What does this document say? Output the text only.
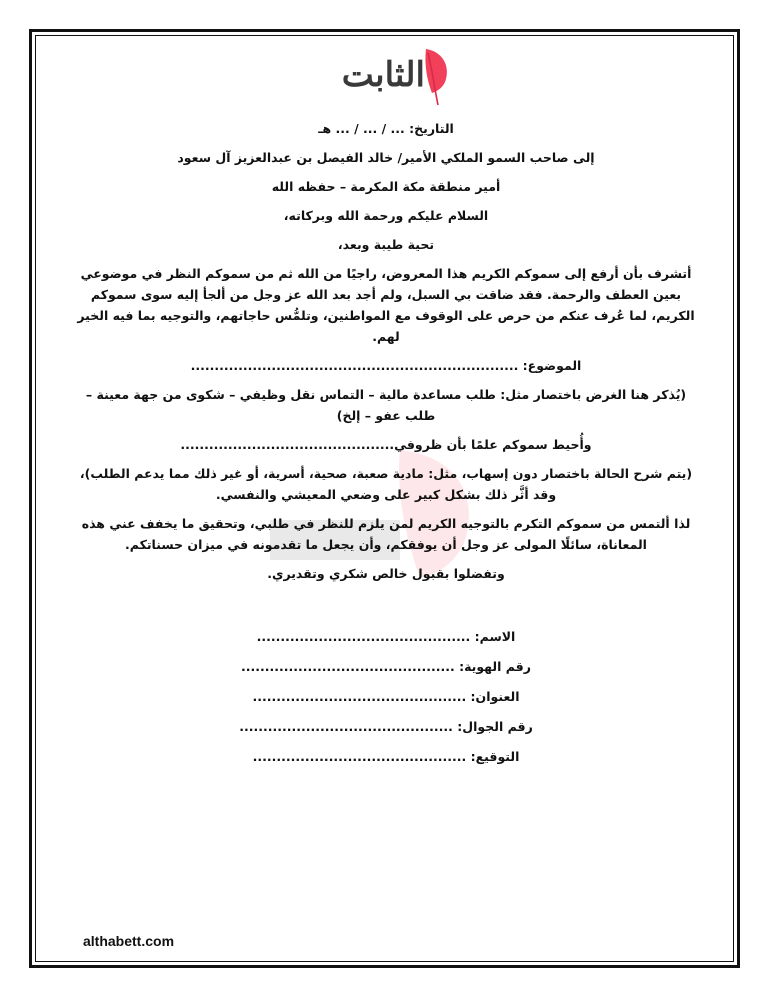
الثابت
التاريخ: ... / ... / ... هـ
إلى صاحب السمو الملكي الأمير/ خالد الفيصل بن عبدالعزيز آل سعود
أمير منطقة مكة المكرمة – حفظه الله
السلام عليكم ورحمة الله وبركاته،
تحية طيبة وبعد،
أتشرف بأن أرفع إلى سموكم الكريم هذا المعروض، راجيًا من الله ثم من سموكم النظر في موضوعي بعين العطف والرحمة. فقد ضاقت بي السبل، ولم أجد بعد الله عز وجل من ألجأ إليه سوى سموكم الكريم، لما عُرف عنكم من حرص على الوقوف مع المواطنين، وتلمُّس حاجاتهم، والتوجيه بما فيه الخير لهم.
الموضوع: .....................................................................
(يُذكر هنا الغرض باختصار مثل: طلب مساعدة مالية – التماس نقل وظيفي – شكوى من جهة معينة – طلب عفو – إلخ)
وأُحيط سموكم علمًا بأن ظروفي.............................................
(يتم شرح الحالة باختصار دون إسهاب، مثل: مادية صعبة، صحية، أسرية، أو غير ذلك مما يدعم الطلب)، وقد أثَّر ذلك بشكل كبير على وضعي المعيشي والنفسي.
لذا ألتمس من سموكم التكرم بالتوجيه الكريم لمن يلزم للنظر في طلبي، وتحقيق ما يخفف عني هذه المعاناة، سائلًا المولى عز وجل أن يوفقكم، وأن يجعل ما تقدمونه في ميزان حسناتكم.
وتفضلوا بقبول خالص شكري وتقديري.
الاسم: .............................................
رقم الهوية: .............................................
العنوان: .............................................
رقم الجوال: .............................................
التوقيع: .............................................
althabett.com
